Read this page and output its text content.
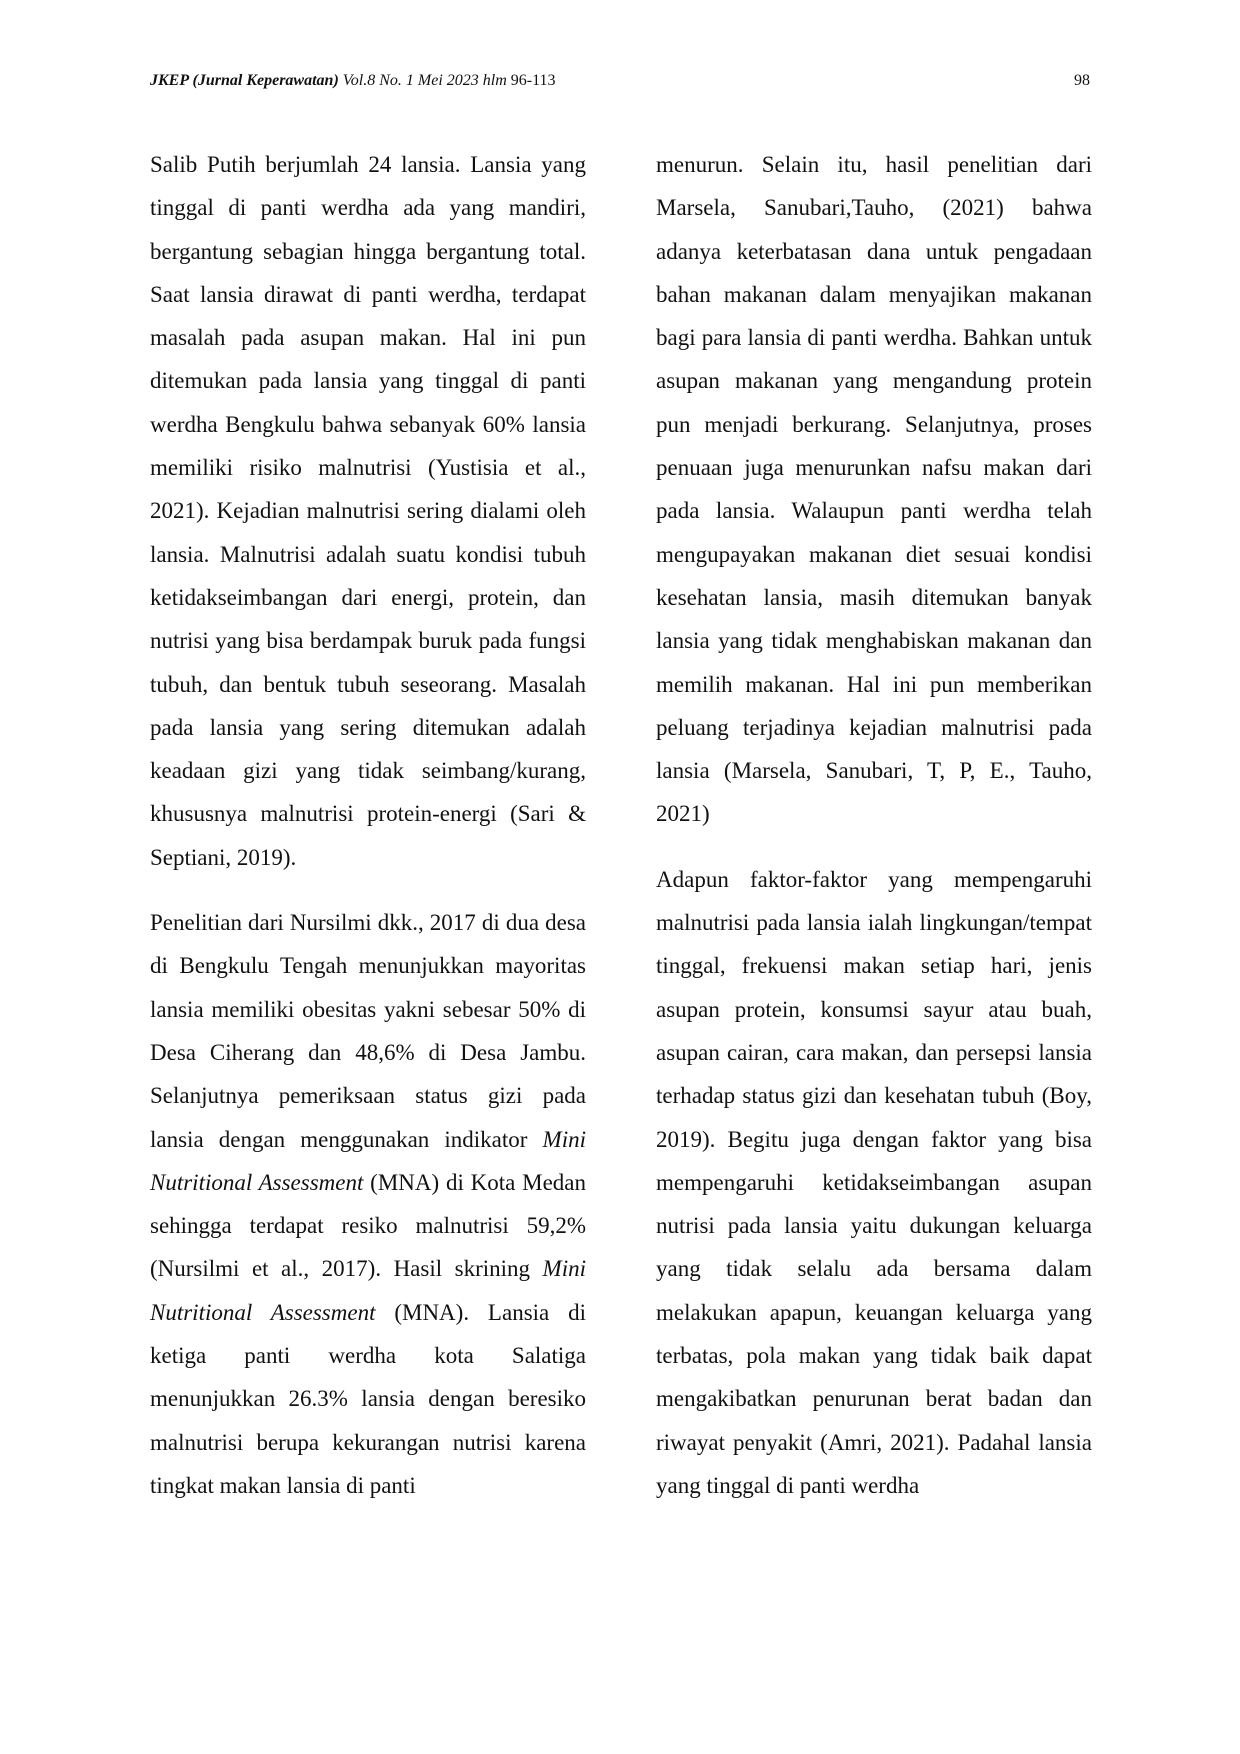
JKEP (Jurnal Keperawatan) Vol.8 No. 1 Mei 2023 hlm 96-113	98

Salib Putih berjumlah 24 lansia. Lansia yang tinggal di panti werdha ada yang mandiri, bergantung sebagian hingga bergantung total. Saat lansia dirawat di panti werdha, terdapat masalah pada asupan makan. Hal ini pun ditemukan pada lansia yang tinggal di panti werdha Bengkulu bahwa sebanyak 60% lansia memiliki risiko malnutrisi (Yustisia et al., 2021). Kejadian malnutrisi sering dialami oleh lansia. Malnutrisi adalah suatu kondisi tubuh ketidakseimbangan dari energi, protein, dan nutrisi yang bisa berdampak buruk pada fungsi tubuh, dan bentuk tubuh seseorang. Masalah pada lansia yang sering ditemukan adalah keadaan gizi yang tidak seimbang/kurang, khususnya malnutrisi protein-energi (Sari & Septiani, 2019).

Penelitian dari Nursilmi dkk., 2017 di dua desa di Bengkulu Tengah menunjukkan mayoritas lansia memiliki obesitas yakni sebesar 50% di Desa Ciherang dan 48,6% di Desa Jambu. Selanjutnya pemeriksaan status gizi pada lansia dengan menggunakan indikator Mini Nutritional Assessment (MNA) di Kota Medan sehingga terdapat resiko malnutrisi 59,2% (Nursilmi et al., 2017). Hasil skrining Mini Nutritional Assessment (MNA). Lansia di ketiga panti werdha kota Salatiga menunjukkan 26.3% lansia dengan beresiko malnutrisi berupa kekurangan nutrisi karena tingkat makan lansia di panti

menurun. Selain itu, hasil penelitian dari Marsela, Sanubari,Tauho, (2021) bahwa adanya keterbatasan dana untuk pengadaan bahan makanan dalam menyajikan makanan bagi para lansia di panti werdha. Bahkan untuk asupan makanan yang mengandung protein pun menjadi berkurang. Selanjutnya, proses penuaan juga menurunkan nafsu makan dari pada lansia. Walaupun panti werdha telah mengupayakan makanan diet sesuai kondisi kesehatan lansia, masih ditemukan banyak lansia yang tidak menghabiskan makanan dan memilih makanan. Hal ini pun memberikan peluang terjadinya kejadian malnutrisi pada lansia (Marsela, Sanubari, T, P, E., Tauho, 2021)

Adapun faktor-faktor yang mempengaruhi malnutrisi pada lansia ialah lingkungan/tempat tinggal, frekuensi makan setiap hari, jenis asupan protein, konsumsi sayur atau buah, asupan cairan, cara makan, dan persepsi lansia terhadap status gizi dan kesehatan tubuh (Boy, 2019). Begitu juga dengan faktor yang bisa mempengaruhi ketidakseimbangan asupan nutrisi pada lansia yaitu dukungan keluarga yang tidak selalu ada bersama dalam melakukan apapun, keuangan keluarga yang terbatas, pola makan yang tidak baik dapat mengakibatkan penurunan berat badan dan riwayat penyakit (Amri, 2021). Padahal lansia yang tinggal di panti werdha
